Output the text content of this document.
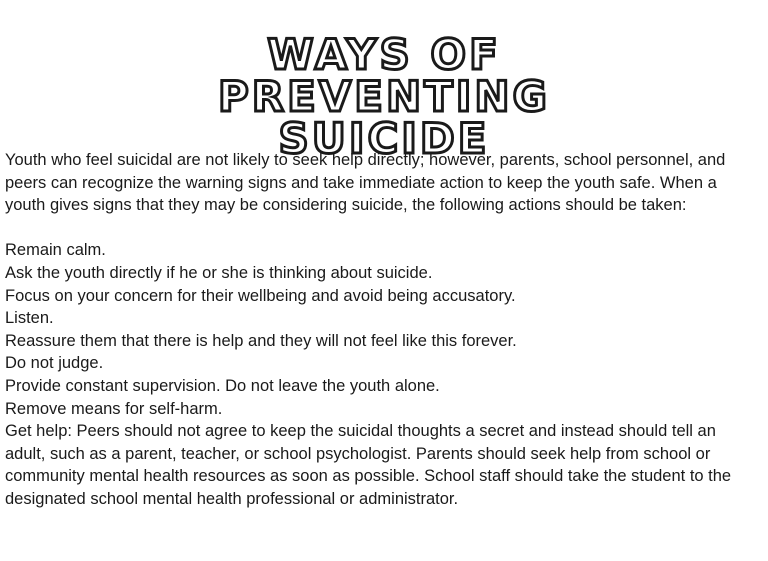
WAYS OF
PREVENTING
SUICIDE

Youth who feel suicidal are not likely to seek help directly; however, parents, school personnel, and peers can recognize the warning signs and take immediate action to keep the youth safe. When a youth gives signs that they may be considering suicide, the following actions should be taken:

Remain calm.

Ask the youth directly if he or she is thinking about suicide.

Focus on your concern for their wellbeing and avoid being accusatory.

Listen.

Reassure them that there is help and they will not feel like this forever.

Do not judge.

Provide constant supervision. Do not leave the youth alone.

Remove means for self-harm.

Get help: Peers should not agree to keep the suicidal thoughts a secret and instead should tell an adult, such as a parent, teacher, or school psychologist. Parents should seek help from school or community mental health resources as soon as possible. School staff should take the student to the designated school mental health professional or administrator.
